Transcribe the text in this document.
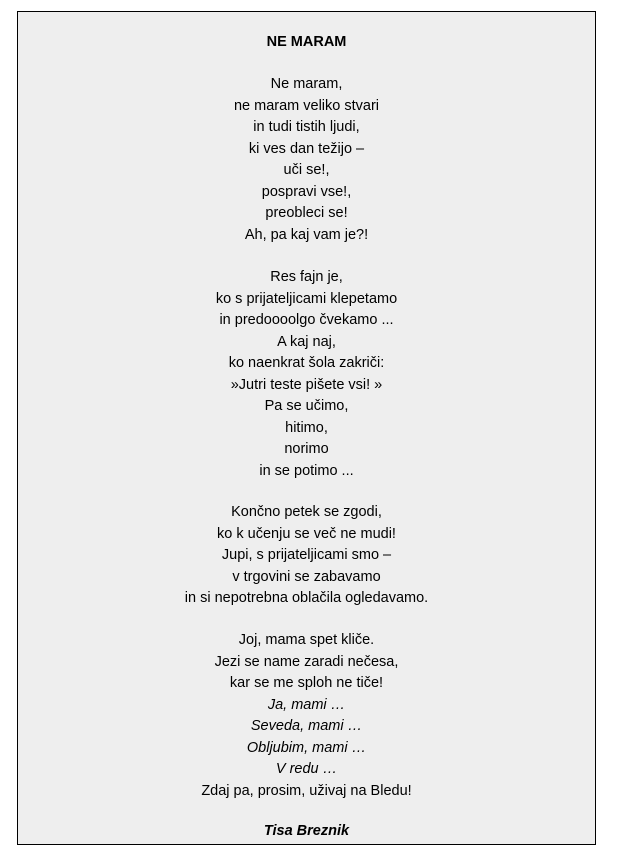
NE MARAM
Ne maram,
ne maram veliko stvari
in tudi tistih ljudi,
ki ves dan težijo –
uči se!,
pospravi vse!,
preobleci se!
Ah, pa kaj vam je?!
Res fajn je,
ko s prijateljicami klepetamo
in predoooolgo čvekamo ...
A kaj naj,
ko naenkrat šola zakriči:
»Jutri teste pišete vsi! »
Pa se učimo,
hitimo,
norimo
in se potimo ...
Končno petek se zgodi,
ko k učenju se več ne mudi!
Jupi, s prijateljicami smo –
v trgovini se zabavamo
in si nepotrebna oblačila ogledavamo.
Joj, mama spet kliče.
Jezi se name zaradi nečesa,
kar se me sploh ne tiče!
Ja, mami …
Seveda, mami …
Obljubim, mami …
V redu …
Zdaj pa, prosim, uživaj na Bledu!
Tisa Breznik
